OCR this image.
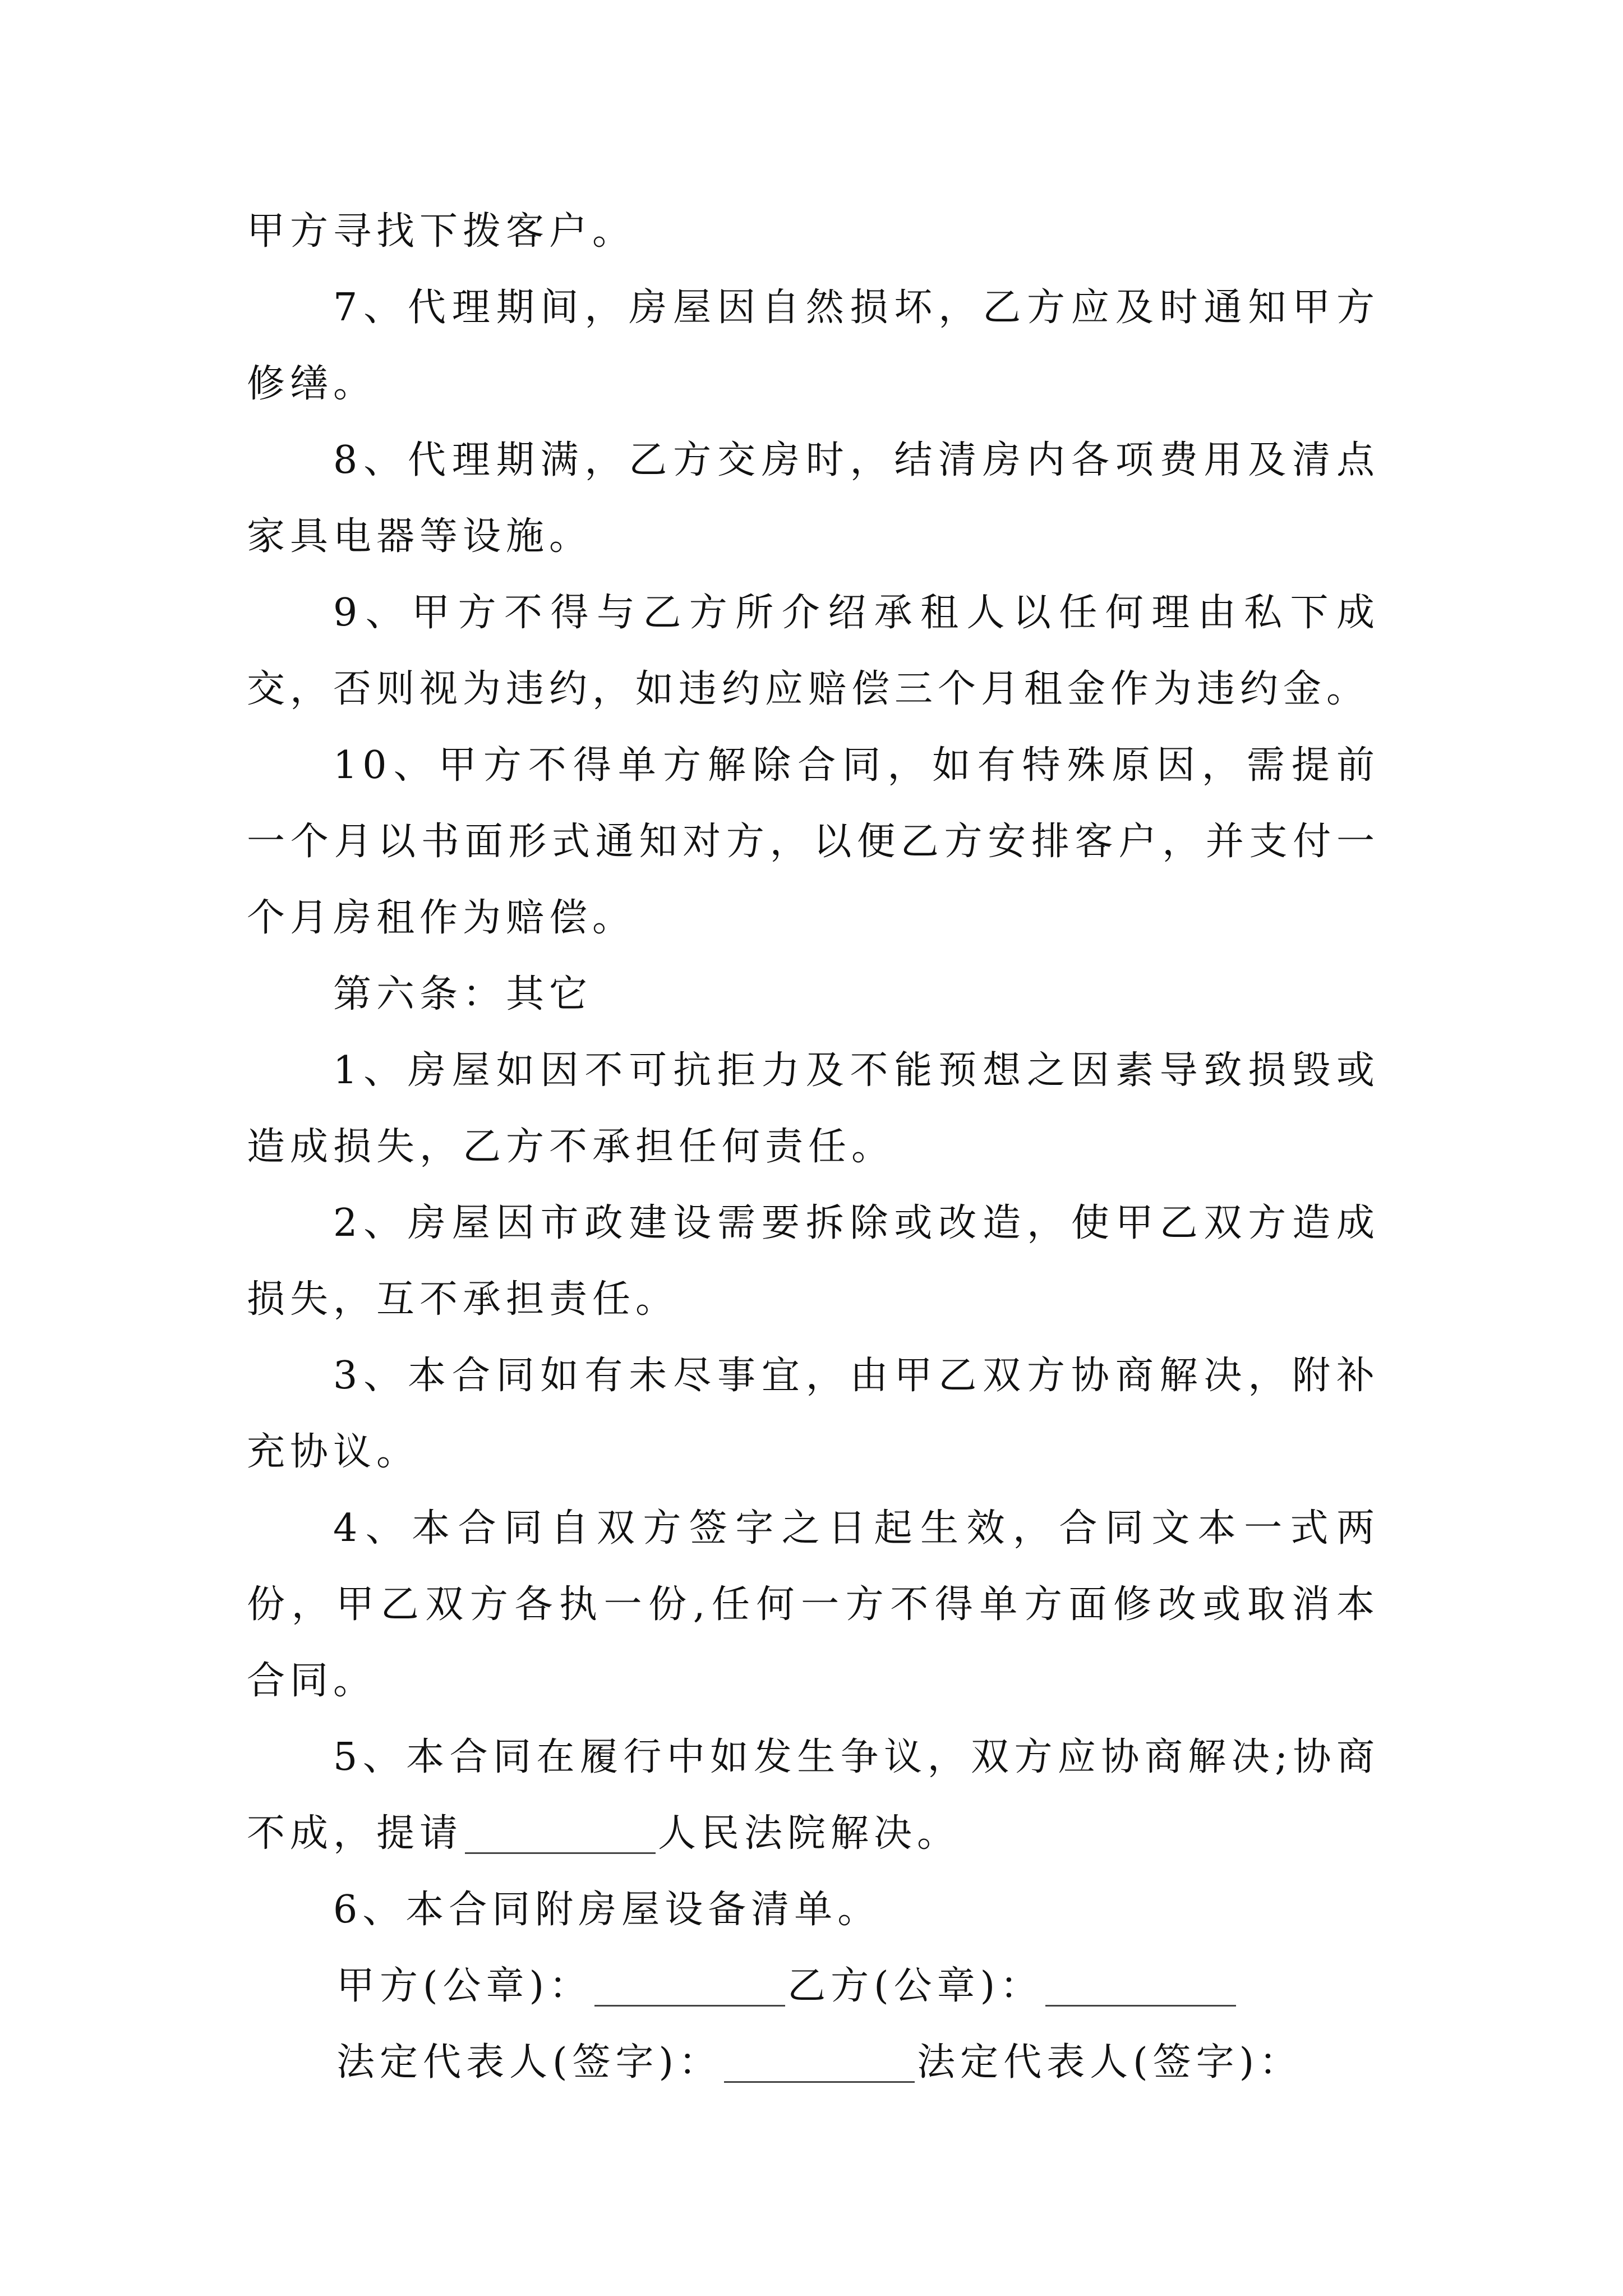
甲方寻找下拨客户。

7、代理期间，房屋因自然损坏，乙方应及时通知甲方修缮。

8、代理期满，乙方交房时，结清房内各项费用及清点家具电器等设施。

9、甲方不得与乙方所介绍承租人以任何理由私下成交，否则视为违约，如违约应赔偿三个月租金作为违约金。

10、甲方不得单方解除合同，如有特殊原因，需提前一个月以书面形式通知对方，以便乙方安排客户，并支付一个月房租作为赔偿。

第六条：其它

1、房屋如因不可抗拒力及不能预想之因素导致损毁或造成损失，乙方不承担任何责任。

2、房屋因市政建设需要拆除或改造，使甲乙双方造成损失，互不承担责任。

3、本合同如有未尽事宜，由甲乙双方协商解决，附补充协议。

4、本合同自双方签字之日起生效，合同文本一式两份，甲乙双方各执一份,任何一方不得单方面修改或取消本合同。

5、本合同在履行中如发生争议，双方应协商解决;协商不成，提请	人民法院解决。

6、本合同附房屋设备清单。

甲方(公章)：	乙方(公章)：

法定代表人(签字)：	法定代表人(签字)：
